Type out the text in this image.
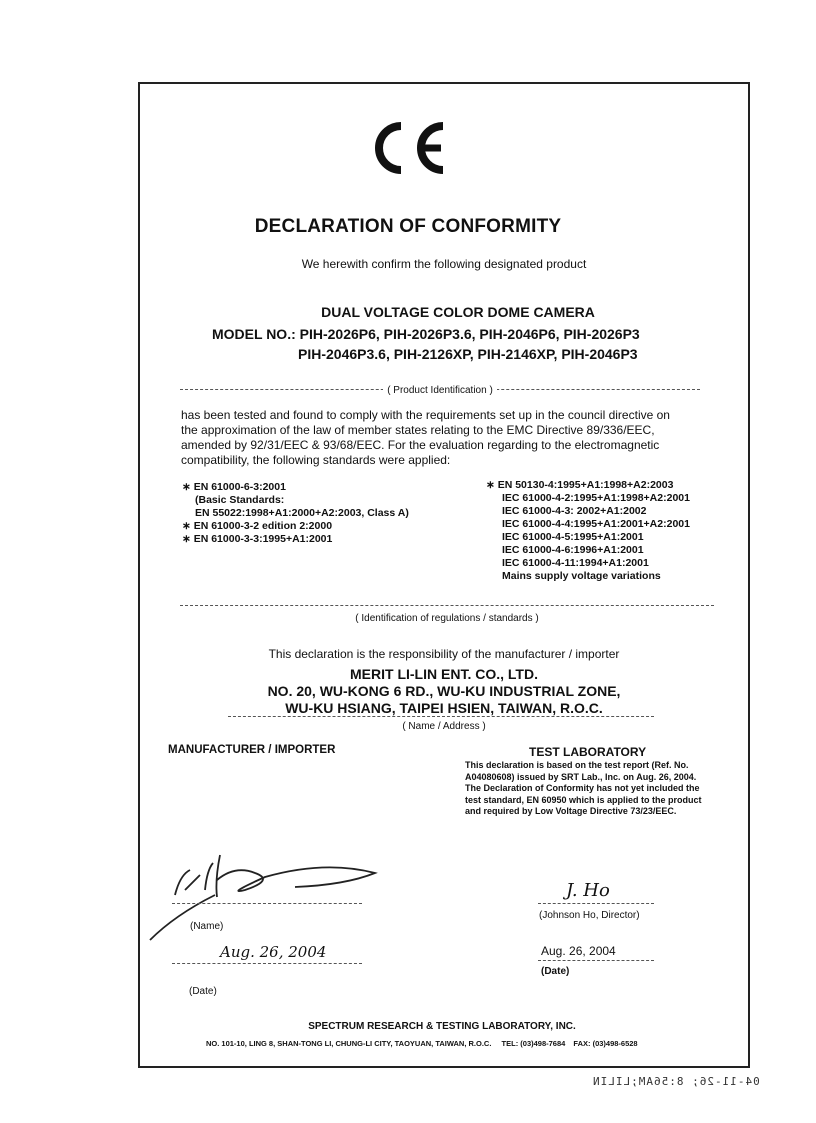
DECLARATION OF CONFORMITY
We herewith confirm the following designated product
DUAL VOLTAGE COLOR DOME CAMERA
MODEL NO.: PIH-2026P6, PIH-2026P3.6, PIH-2046P6, PIH-2026P3
PIH-2046P3.6, PIH-2126XP, PIH-2146XP, PIH-2046P3
( Product Identification )
has been tested and found to comply with the requirements set up in the council directive on
the approximation of the law of member states relating to the EMC Directive 89/336/EEC,
amended by 92/31/EEC & 93/68/EEC. For the evaluation regarding to the electromagnetic
compatibility, the following standards were applied:
∗ EN 61000-6-3:2001
(Basic Standards:
EN 55022:1998+A1:2000+A2:2003, Class A)
∗ EN 61000-3-2 edition 2:2000
∗ EN 61000-3-3:1995+A1:2001
∗ EN 50130-4:1995+A1:1998+A2:2003
IEC 61000-4-2:1995+A1:1998+A2:2001
IEC 61000-4-3: 2002+A1:2002
IEC 61000-4-4:1995+A1:2001+A2:2001
IEC 61000-4-5:1995+A1:2001
IEC 61000-4-6:1996+A1:2001
IEC 61000-4-11:1994+A1:2001
Mains supply voltage variations
( Identification of regulations / standards )
This declaration is the responsibility of the manufacturer / importer
MERIT LI-LIN ENT. CO., LTD.
NO. 20, WU-KONG 6 RD., WU-KU INDUSTRIAL ZONE,
WU-KU HSIANG, TAIPEI HSIEN, TAIWAN, R.O.C.
( Name / Address )
MANUFACTURER / IMPORTER
(Name)
Aug. 26, 2004
(Date)
TEST LABORATORY
This declaration is based on the test report (Ref. No.
A04080608) issued by SRT Lab., Inc. on Aug. 26, 2004.
The Declaration of Conformity has not yet included the
test standard, EN 60950 which is applied to the product
and required by Low Voltage Directive 73/23/EEC.
J. Ho
(Johnson Ho, Director)
Aug. 26, 2004
(Date)
SPECTRUM RESEARCH & TESTING LABORATORY, INC.
NO. 101-10, LING 8, SHAN-TONG LI, CHUNG-LI CITY, TAOYUAN, TAIWAN, R.O.C. TEL: (03)498-7684 FAX: (03)498-6528
04-11-26; 8:56AM;LILIN
